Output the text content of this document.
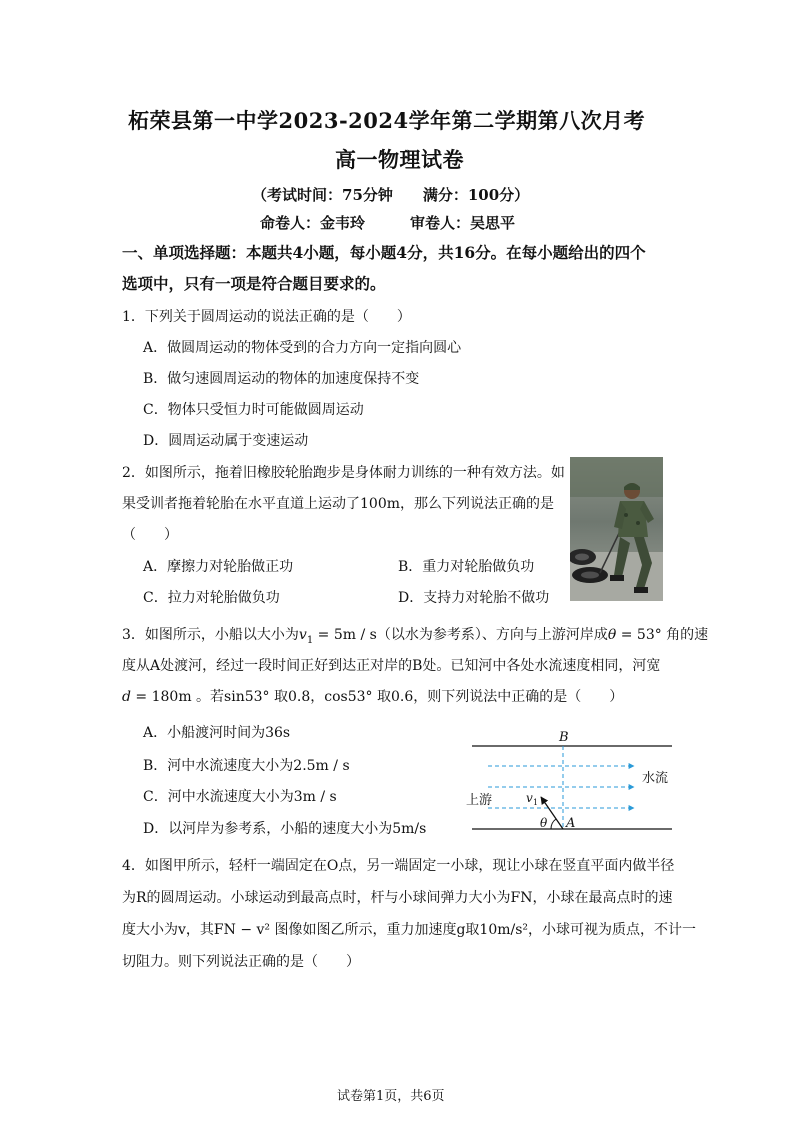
柘荣县第一中学2023-2024学年第二学期第八次月考
高一物理试卷
（考试时间：75分钟　　满分：100分）
命卷人：金韦玲　　　审卷人：吴思平
一、单项选择题：本题共4小题，每小题4分，共16分。在每小题给出的四个
选项中，只有一项是符合题目要求的。
1．下列关于圆周运动的说法正确的是（　　）
A．做圆周运动的物体受到的合力方向一定指向圆心
B．做匀速圆周运动的物体的加速度保持不变
C．物体只受恒力时可能做圆周运动
D．圆周运动属于变速运动
2．如图所示，拖着旧橡胶轮胎跑步是身体耐力训练的一种有效方法。如
果受训者拖着轮胎在水平直道上运动了100m，那么下列说法正确的是
（　　）
A．摩擦力对轮胎做正功	B．重力对轮胎做负功
C．拉力对轮胎做负功	D．支持力对轮胎不做功
3．如图所示，小船以大小为$v_1 = 5m / s$（以水为参考系）、方向与上游河岸成θ = 53° 角的速
度从A处渡河，经过一段时间正好到达正对岸的B处。已知河中各处水流速度相同，河宽
d = 180m 。若sin53° 取0.8，cos53° 取0.6，则下列说法中正确的是（　　）
A．小船渡河时间为36s
B．河中水流速度大小为2.5m / s
C．河中水流速度大小为3m / s
D．以河岸为参考系，小船的速度大小为5m/s
B
A
上游
水流
v 1
θ
4．如图甲所示，轻杆一端固定在O点，另一端固定一小球，现让小球在竖直平面内做半径
为R的圆周运动。小球运动到最高点时，杆与小球间弹力大小为FN，小球在最高点时的速
度大小为v，其FN − v² 图像如图乙所示，重力加速度g取10m/s²，小球可视为质点，不计一
切阻力。则下列说法正确的是（　　）
试卷第1页，共6页
